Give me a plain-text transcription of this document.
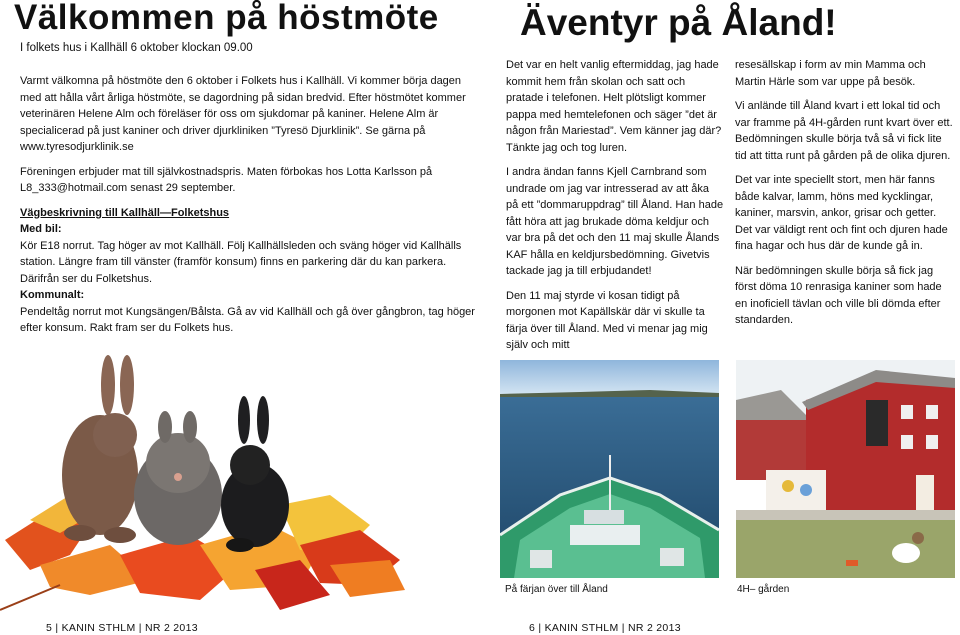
Välkommen på höstmöte
I folkets hus i Kallhäll 6 oktober klockan 09.00

Varmt välkomna på höstmöte den 6 oktober i Folkets hus i Kallhäll. Vi kommer börja dagen med att hålla vårt årliga höstmöte, se dagordning på sidan bredvid. Efter höstmötet kommer veterinären Helene Alm och föreläser för oss om sjukdomar på kaniner. Helene Alm är specialicerad på just kaniner och driver djurkliniken ”Tyresö Djurklinik”. Se gärna på www.tyresodjurklinik.se

Föreningen erbjuder mat till självkostnadspris. Maten förbokas hos Lotta Karlsson på L8_333@hotmail.com senast 29 september.

Vägbeskrivning till Kallhäll—Folketshus
Med bil:
Kör E18 norrut. Tag höger av mot Kallhäll. Följ Kallhällsleden och sväng höger vid Kallhälls station. Längre fram till vänster (framför konsum) finns en parkering där du kan parkera. Därifrån ser du Folketshus.
Kommunalt:
Pendeltåg norrut mot Kungsängen/Bålsta. Gå av vid Kallhäll och gå över gångbron, tag höger efter konsum. Rakt fram ser du Folkets hus.
5 | KANIN STHLM | NR 2 2013
Äventyr på Åland!

Det var en helt vanlig eftermiddag, jag hade kommit hem från skolan och satt och pratade i telefonen. Helt plötsligt kommer pappa med hemtelefonen och säger ”det är någon från Mariestad”. Vem känner jag där? Tänkte jag och tog luren.

I andra ändan fanns Kjell Carnbrand som undrade om jag var intresserad av att åka på ett ”dommaruppdrag” till Åland. Han hade fått höra att jag brukade döma keldjur och var bra på det och den 11 maj skulle Ålands KAF hålla en keldjursbedömning. Givetvis tackade jag ja till erbjudandet!

Den 11 maj styrde vi kosan tidigt på morgonen mot Kapällskär där vi skulle ta färja över till Åland. Med vi menar jag mig själv och mitt

resesällskap i form av min Mamma och Martin Härle som var uppe på besök.

Vi anlände till Åland kvart i ett lokal tid och var framme på 4H-gården runt kvart över ett. Bedömningen skulle börja två så vi fick lite tid att titta runt på gården på de olika djuren.

Det var inte speciellt stort, men här fanns både kalvar, lamm, höns med kycklingar, kaniner, marsvin, ankor, grisar och getter. Det var väldigt rent och fint och djuren hade fina hagar och hus där de kunde gå in.

När bedömningen skulle börja så fick jag först döma 10 renrasiga kaniner som hade en inoficiell tävlan och ville bli dömda efter standarden.

På färjan över till Åland	4H– gården
6 | KANIN STHLM | NR 2 2013
